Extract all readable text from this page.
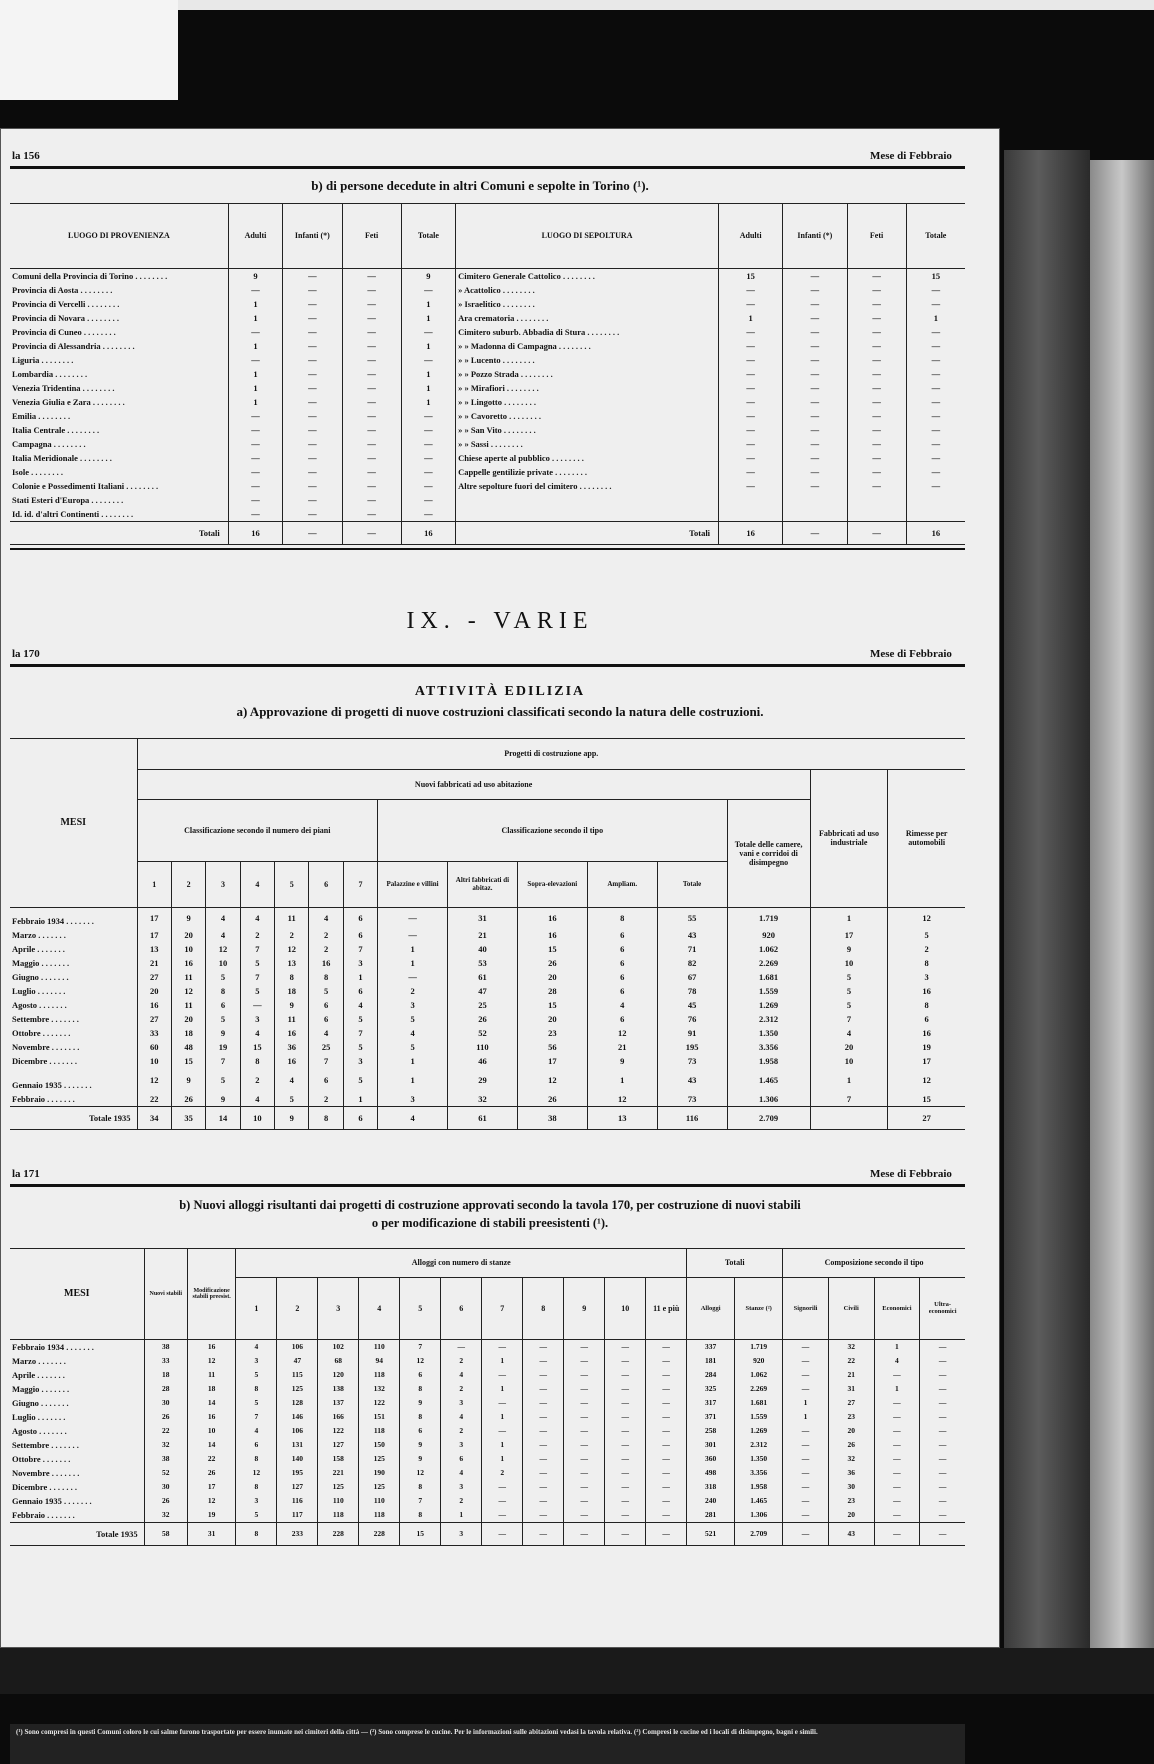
la 156	Mese di Febbraio
b) di persone decedute in altri Comuni e sepolte in Torino (¹).
LUOGO DI PROVENIENZA	Adulti	Infanti (*)	Feti	Totale	LUOGO DI SEPOLTURA	Adulti	Infanti (*)	Feti	Totale
Comuni della Provincia di Torino . . . . . . . .	9	—	—	9	Cimitero Generale Cattolico . . . . . . . .	15	—	—	15
Provincia di Aosta . . . . . . . .	—	—	—	—	» Acattolico . . . . . . . .	—	—	—	—
Provincia di Vercelli . . . . . . . .	1	—	—	1	» Israelitico . . . . . . . .	—	—	—	—
Provincia di Novara . . . . . . . .	1	—	—	1	Ara crematoria . . . . . . . .	1	—	—	1
Provincia di Cuneo . . . . . . . .	—	—	—	—	Cimitero suburb. Abbadia di Stura . . . . . . . .	—	—	—	—
Provincia di Alessandria . . . . . . . .	1	—	—	1	» » Madonna di Campagna . . . . . . . .	—	—	—	—
Liguria . . . . . . . .	—	—	—	—	» » Lucento . . . . . . . .	—	—	—	—
Lombardia . . . . . . . .	1	—	—	1	» » Pozzo Strada . . . . . . . .	—	—	—	—
Venezia Tridentina . . . . . . . .	1	—	—	1	» » Mirafiori . . . . . . . .	—	—	—	—
Venezia Giulia e Zara . . . . . . . .	1	—	—	1	» » Lingotto . . . . . . . .	—	—	—	—
Emilia . . . . . . . .	—	—	—	—	» » Cavoretto . . . . . . . .	—	—	—	—
Italia Centrale . . . . . . . .	—	—	—	—	» » San Vito . . . . . . . .	—	—	—	—
Campagna . . . . . . . .	—	—	—	—	» » Sassi . . . . . . . .	—	—	—	—
Italia Meridionale . . . . . . . .	—	—	—	—	Chiese aperte al pubblico . . . . . . . .	—	—	—	—
Isole . . . . . . . .	—	—	—	—	Cappelle gentilizie private . . . . . . . .	—	—	—	—
Colonie e Possedimenti Italiani . . . . . . . .	—	—	—	—	Altre sepolture fuori del cimitero . . . . . . . .	—	—	—	—
Stati Esteri d'Europa . . . . . . . .	—	—	—	—					
Id. id. d'altri Continenti . . . . . . . .	—	—	—	—					
Totali	16	—	—	16	Totali	16	—	—	16
IX. - VARIE
la 170	Mese di Febbraio
ATTIVITÀ EDILIZIA
a) Approvazione di progetti di nuove costruzioni classificati secondo la natura delle costruzioni.
MESI	Progetti di costruzione app.														
	Nuovi fabbricati ad uso abitazione													Fabbricati ad uso industriale	Rimesse per automobili
	Classificazione secondo il numero dei piani							Classificazione secondo il tipo					Totale delle camere, vani e corridoi di disimpegno		
	1	2	3	4	5	6	7	Palazzine e villini	Altri fabbricati di abitaz.	Sopra-elevazioni	Ampliam.	Totale			
Febbraio 1934 . . . . . . .	17	9	4	4	11	4	6	—	31	16	8	55	1.719	1	12
Marzo . . . . . . .	17	20	4	2	2	2	6	—	21	16	6	43	920	17	5
Aprile . . . . . . .	13	10	12	7	12	2	7	1	40	15	6	71	1.062	9	2
Maggio . . . . . . .	21	16	10	5	13	16	3	1	53	26	6	82	2.269	10	8
Giugno . . . . . . .	27	11	5	7	8	8	1	—	61	20	6	67	1.681	5	3
Luglio . . . . . . .	20	12	8	5	18	5	6	2	47	28	6	78	1.559	5	16
Agosto . . . . . . .	16	11	6	—	9	6	4	3	25	15	4	45	1.269	5	8
Settembre . . . . . . .	27	20	5	3	11	6	5	5	26	20	6	76	2.312	7	6
Ottobre . . . . . . .	33	18	9	4	16	4	7	4	52	23	12	91	1.350	4	16
Novembre . . . . . . .	60	48	19	15	36	25	5	5	110	56	21	195	3.356	20	19
Dicembre . . . . . . .	10	15	7	8	16	7	3	1	46	17	9	73	1.958	10	17
Gennaio 1935 . . . . . . .	12	9	5	2	4	6	5	1	29	12	1	43	1.465	1	12
Febbraio . . . . . . .	22	26	9	4	5	2	1	3	32	26	12	73	1.306	7	15
Totale 1935	34	35	14	10	9	8	6	4	61	38	13	116	2.709		27
la 171	Mese di Febbraio
b) Nuovi alloggi risultanti dai progetti di costruzione approvati secondo la tavola 170, per costruzione di nuovi stabili
o per modificazione di stabili preesistenti (¹).
MESI	Nuovi stabili	Modificazione stabili preesist.	Alloggi con numero di stanze											Totali		Composizione secondo il tipo			
			1	2	3	4	5	6	7	8	9	10	11 e più	Alloggi	Stanze (²)	Signorili	Civili	Economici	Ultra-economici
Febbraio 1934 . . . . . . .	38	16	4	106	102	110	7	—	—	—	—	—	—	337	1.719	—	32	1	—
Marzo . . . . . . .	33	12	3	47	68	94	12	2	1	—	—	—	—	181	920	—	22	4	—
Aprile . . . . . . .	18	11	5	115	120	118	6	4	—	—	—	—	—	284	1.062	—	21	—	—
Maggio . . . . . . .	28	18	8	125	138	132	8	2	1	—	—	—	—	325	2.269	—	31	1	—
Giugno . . . . . . .	30	14	5	128	137	122	9	3	—	—	—	—	—	317	1.681	1	27	—	—
Luglio . . . . . . .	26	16	7	146	166	151	8	4	1	—	—	—	—	371	1.559	1	23	—	—
Agosto . . . . . . .	22	10	4	106	122	118	6	2	—	—	—	—	—	258	1.269	—	20	—	—
Settembre . . . . . . .	32	14	6	131	127	150	9	3	1	—	—	—	—	301	2.312	—	26	—	—
Ottobre . . . . . . .	38	22	8	140	158	125	9	6	1	—	—	—	—	360	1.350	—	32	—	—
Novembre . . . . . . .	52	26	12	195	221	190	12	4	2	—	—	—	—	498	3.356	—	36	—	—
Dicembre . . . . . . .	30	17	8	127	125	125	8	3	—	—	—	—	—	318	1.958	—	30	—	—
Gennaio 1935 . . . . . . .	26	12	3	116	110	110	7	2	—	—	—	—	—	240	1.465	—	23	—	—
Febbraio . . . . . . .	32	19	5	117	118	118	8	1	—	—	—	—	—	281	1.306	—	20	—	—
Totale 1935	58	31	8	233	228	228	15	3	—	—	—	—	—	521	2.709	—	43	—	—
(¹) Sono compresi in questi Comuni coloro le cui salme furono trasportate per essere inumate nei cimiteri della città — (²) Sono comprese le cucine. Per le informazioni sulle abitazioni vedasi la tavola relativa. (²) Compresi le cucine ed i locali di disimpegno, bagni e simili.
